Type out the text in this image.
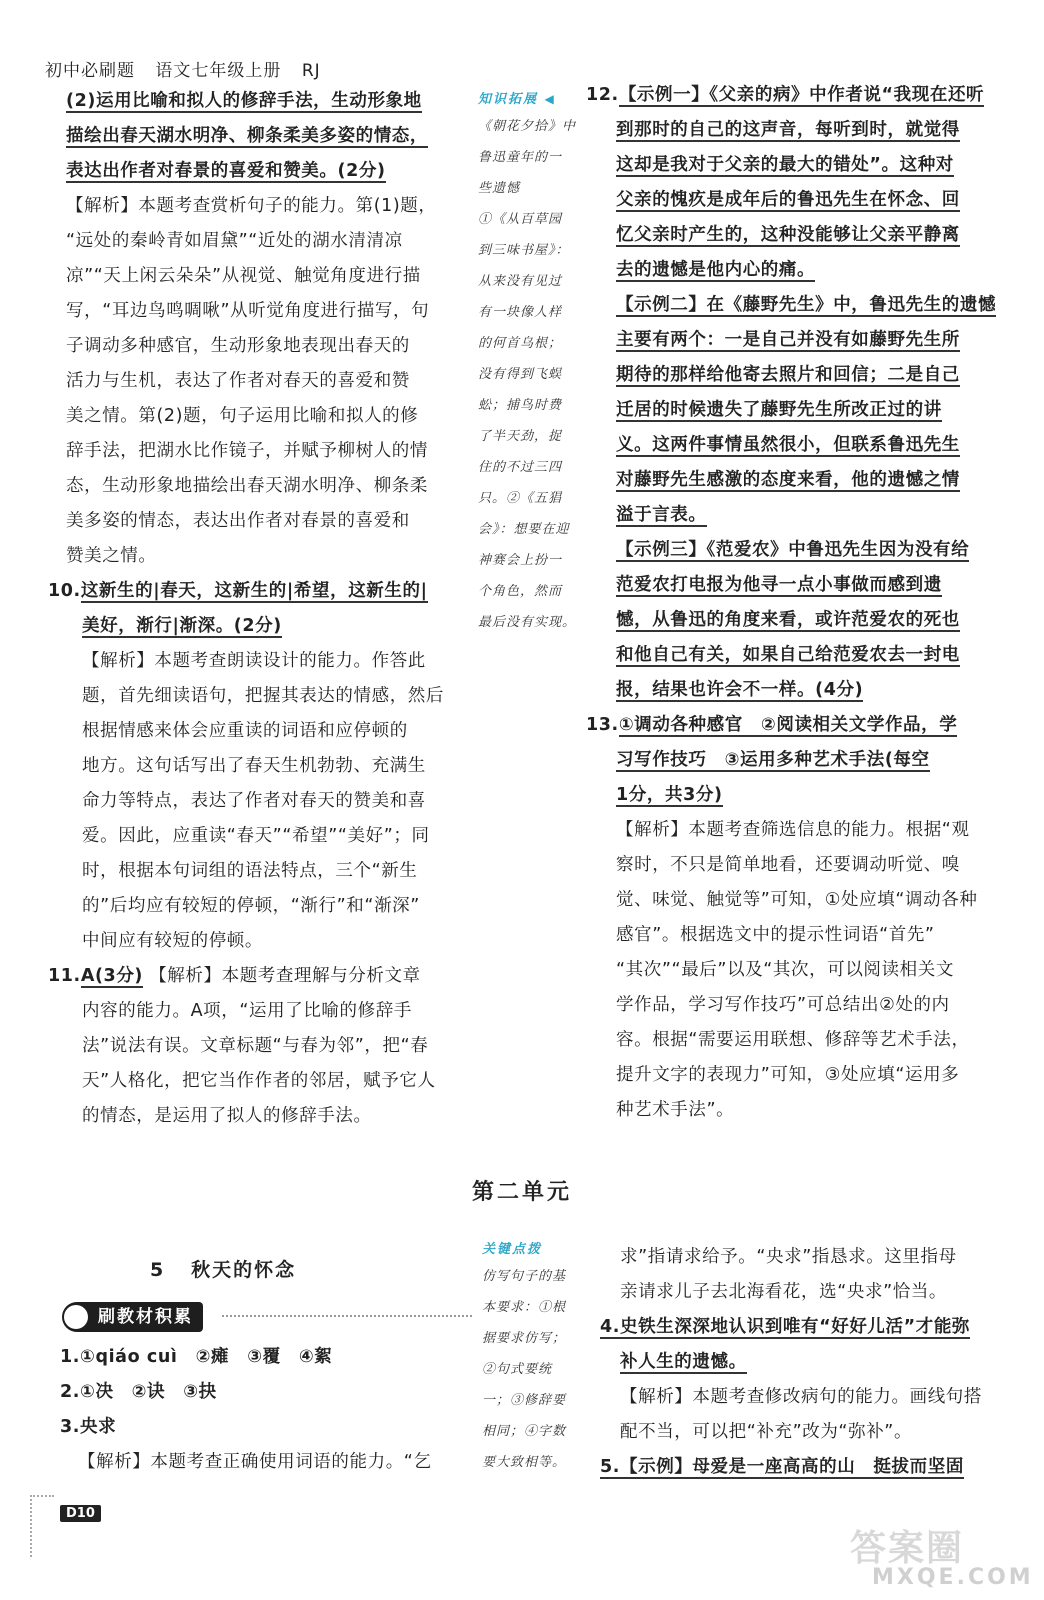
初中必刷题 语文七年级上册 RJ

(2)运用比喻和拟人的修辞手法，生动形象地

描绘出春天湖水明净、柳条柔美多姿的情态，

表达出作者对春景的喜爱和赞美。(2分)

【解析】本题考查赏析句子的能力。第(1)题，

“远处的秦岭青如眉黛”“近处的湖水清清凉

凉”“天上闲云朵朵”从视觉、触觉角度进行描

写，“耳边鸟鸣啁啾”从听觉角度进行描写，句

子调动多种感官，生动形象地表现出春天的

活力与生机，表达了作者对春天的喜爱和赞

美之情。第(2)题，句子运用比喻和拟人的修

辞手法，把湖水比作镜子，并赋予柳树人的情

态，生动形象地描绘出春天湖水明净、柳条柔

美多姿的情态，表达出作者对春景的喜爱和

赞美之情。

10.这新生的|春天，这新生的|希望，这新生的|

美好，渐行|渐深。(2分)

【解析】本题考查朗读设计的能力。作答此

题，首先细读语句，把握其表达的情感，然后

根据情感来体会应重读的词语和应停顿的

地方。这句话写出了春天生机勃勃、充满生

命力等特点，表达了作者对春天的赞美和喜

爱。因此，应重读“春天”“希望”“美好”；同

时，根据本句词组的语法特点，三个“新生

的”后均应有较短的停顿，“渐行”和“渐深”

中间应有较短的停顿。

11.A(3分) 【解析】本题考查理解与分析文章

内容的能力。A项，“运用了比喻的修辞手

法”说法有误。文章标题“与春为邻”，把“春

天”人格化，把它当作作者的邻居，赋予它人

的情态，是运用了拟人的修辞手法。

知识拓展 ◀
《朝花夕拾》中
鲁迅童年的一
些遗憾
①《从百草园
到三味书屋》：
从来没有见过
有一块像人样
的何首乌根；
没有得到飞蜈
蚣；捕鸟时费
了半天劲，捉
住的不过三四
只。②《五猖
会》：想要在迎
神赛会上扮一
个角色，然而
最后没有实现。

12.【示例一】《父亲的病》中作者说“我现在还听

到那时的自己的这声音，每听到时，就觉得

这却是我对于父亲的最大的错处”。这种对

父亲的愧疚是成年后的鲁迅先生在怀念、回

忆父亲时产生的，这种没能够让父亲平静离

去的遗憾是他内心的痛。

【示例二】在《藤野先生》中，鲁迅先生的遗憾

主要有两个：一是自己并没有如藤野先生所

期待的那样给他寄去照片和回信；二是自己

迁居的时候遗失了藤野先生所改正过的讲

义。这两件事情虽然很小，但联系鲁迅先生

对藤野先生感激的态度来看，他的遗憾之情

溢于言表。

【示例三】《范爱农》中鲁迅先生因为没有给

范爱农打电报为他寻一点小事做而感到遗

憾，从鲁迅的角度来看，或许范爱农的死也

和他自己有关，如果自己给范爱农去一封电

报，结果也许会不一样。(4分)

13.①调动各种感官　②阅读相关文学作品，学

习写作技巧　③运用多种艺术手法(每空

1分，共3分)

【解析】本题考查筛选信息的能力。根据“观

察时，不只是简单地看，还要调动听觉、嗅

觉、味觉、触觉等”可知，①处应填“调动各种

感官”。根据选文中的提示性词语“首先”

“其次”“最后”以及“其次，可以阅读相关文

学作品，学习写作技巧”可总结出②处的内

容。根据“需要运用联想、修辞等艺术手法，

提升文字的表现力”可知，③处应填“运用多

种艺术手法”。

第二单元
5 秋天的怀念
刷教材积累

1.①qiáo cuì　②瘫　③覆　④絮

2.①决　②诀　③抉

3.央求

【解析】本题考查正确使用词语的能力。“乞

关键点拨
仿写句子的基
本要求：①根
据要求仿写；
②句式要统
一；③修辞要
相同；④字数
要大致相等。

求”指请求给予。“央求”指恳求。这里指母

亲请求儿子去北海看花，选“央求”恰当。

4.史铁生深深地认识到唯有“好好儿活”才能弥

补人生的遗憾。

【解析】本题考查修改病句的能力。画线句搭

配不当，可以把“补充”改为“弥补”。

5.【示例】母爱是一座高高的山　挺拔而坚固

D10
答案圈
MXQE.COM
